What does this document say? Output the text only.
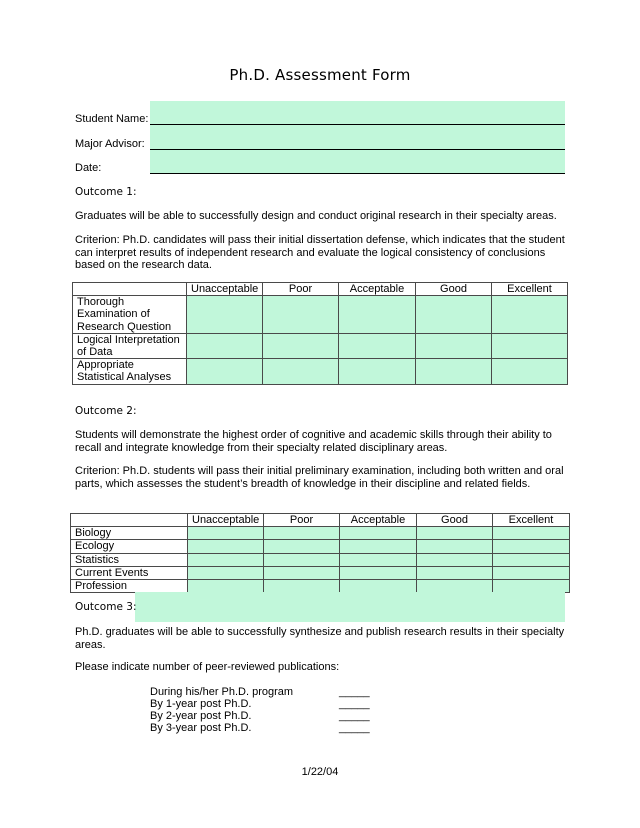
Ph.D. Assessment Form
Student Name:
Major Advisor:
Date:
Outcome 1:
Graduates will be able to successfully design and conduct original research in their specialty areas.
Criterion: Ph.D. candidates will pass their initial dissertation defense, which indicates that the student can interpret results of independent research and evaluate the logical consistency of conclusions based on the research data.
	Unacceptable	Poor	Acceptable	Good	Excellent
Thorough Examination of Research Question					
Logical Interpretation of Data					
Appropriate Statistical Analyses					
Outcome 2:
Students will demonstrate the highest order of cognitive and academic skills through their ability to recall and integrate knowledge from their specialty related disciplinary areas.
Criterion: Ph.D. students will pass their initial preliminary examination, including both written and oral parts, which assesses the student’s breadth of knowledge in their discipline and related fields.
	Unacceptable	Poor	Acceptable	Good	Excellent
Biology					
Ecology					
Statistics					
Current Events					
Profession					
Outcome 3:
Ph.D. graduates will be able to successfully synthesize and publish research results in their specialty areas.
Please indicate number of peer-reviewed publications:
During his/her Ph.D. program	_____
By 1-year post Ph.D.	_____
By 2-year post Ph.D.	_____
By 3-year post Ph.D.	_____
1/22/04
